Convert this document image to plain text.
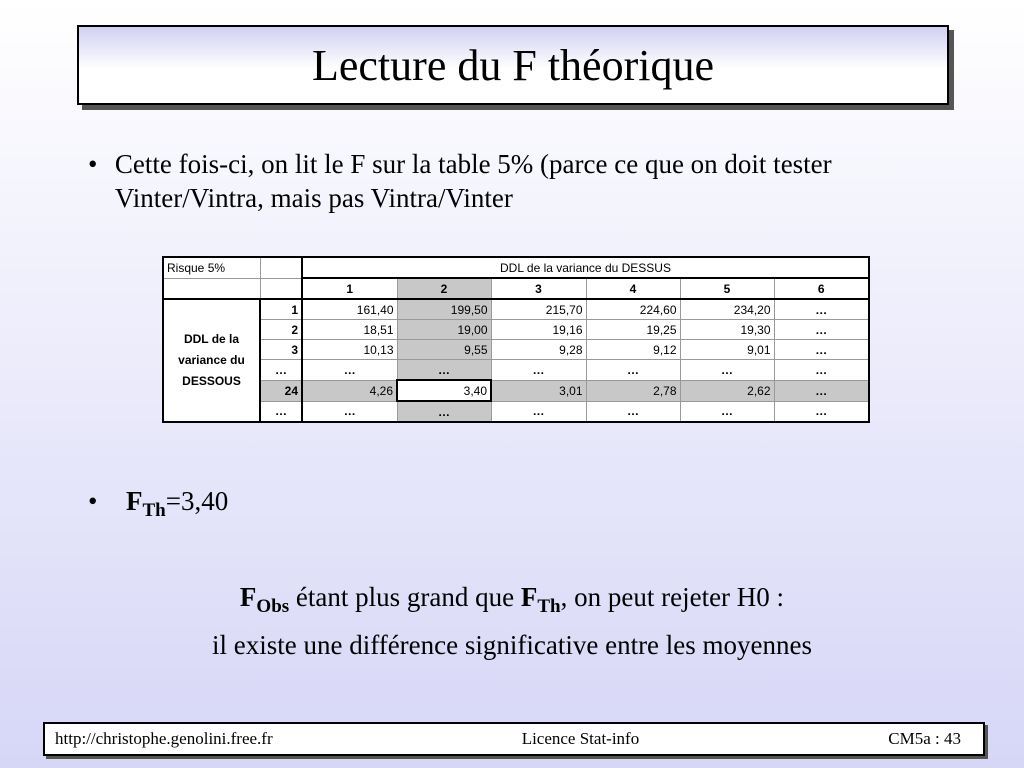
Lecture du F théorique
• Cette fois-ci, on lit le F sur la table 5% (parce ce que on doit tester Vinter/Vintra, mais pas Vintra/Vinter
Risque 5%		DDL de la variance du DESSUS					
		1	2	3	4	5	6
DDL de la variance du DESSOUS	1	161,40	199,50	215,70	224,60	234,20	…
	2	18,51	19,00	19,16	19,25	19,30	…
	3	10,13	9,55	9,28	9,12	9,01	…
	…	…	…	…	…	…	…
	24	4,26	3,40	3,01	2,78	2,62	…
	…	…	…	…	…	…	…
•	$F_{Th}=3,40$
$F_{Obs}$ étant plus grand que $F_{Th}$, on peut rejeter H0 :
il existe une différence significative entre les moyennes
http://christophe.genolini.free.fr	Licence Stat-info	CM5a : 43
